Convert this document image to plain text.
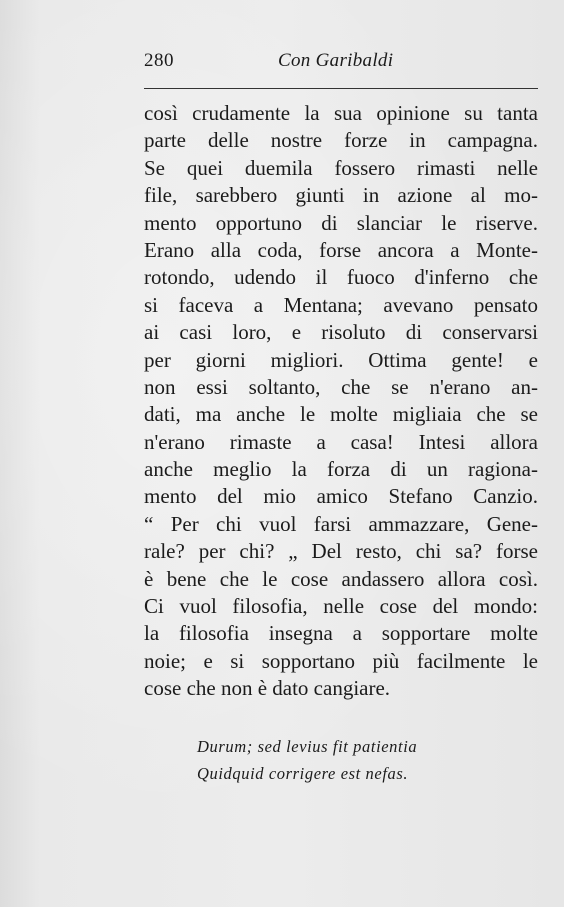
280	Con Garibaldi
così crudamente la sua opinione su tanta
parte delle nostre forze in campagna.
Se quei duemila fossero rimasti nelle
file, sarebbero giunti in azione al mo-
mento opportuno di slanciar le riserve.
Erano alla coda, forse ancora a Monte-
rotondo, udendo il fuoco d'inferno che
si faceva a Mentana; avevano pensato
ai casi loro, e risoluto di conservarsi
per giorni migliori. Ottima gente! e
non essi soltanto, che se n'erano an-
dati, ma anche le molte migliaia che se
n'erano rimaste a casa! Intesi allora
anche meglio la forza di un ragiona-
mento del mio amico Stefano Canzio.
“ Per chi vuol farsi ammazzare, Gene-
rale? per chi? „ Del resto, chi sa? forse
è bene che le cose andassero allora così.
Ci vuol filosofia, nelle cose del mondo:
la filosofia insegna a sopportare molte
noie; e si sopportano più facilmente le
cose che non è dato cangiare.
Durum; sed levius fit patientia
Quidquid corrigere est nefas.
